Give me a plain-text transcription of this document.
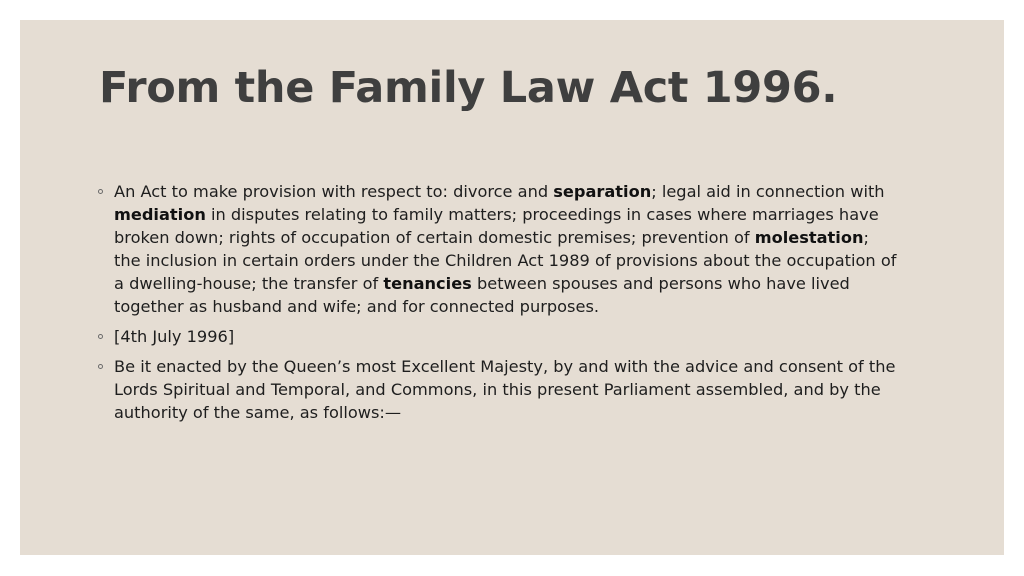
From the Family Law Act 1996.
An Act to make provision with respect to: divorce and separation; legal aid in connection with mediation in disputes relating to family matters; proceedings in cases where marriages have broken down; rights of occupation of certain domestic premises; prevention of molestation; the inclusion in certain orders under the Children Act 1989 of provisions about the occupation of a dwelling-house; the transfer of tenancies between spouses and persons who have lived together as husband and wife; and for connected purposes.
[4th July 1996]
Be it enacted by the Queen’s most Excellent Majesty, by and with the advice and consent of the Lords Spiritual and Temporal, and Commons, in this present Parliament assembled, and by the authority of the same, as follows:—
